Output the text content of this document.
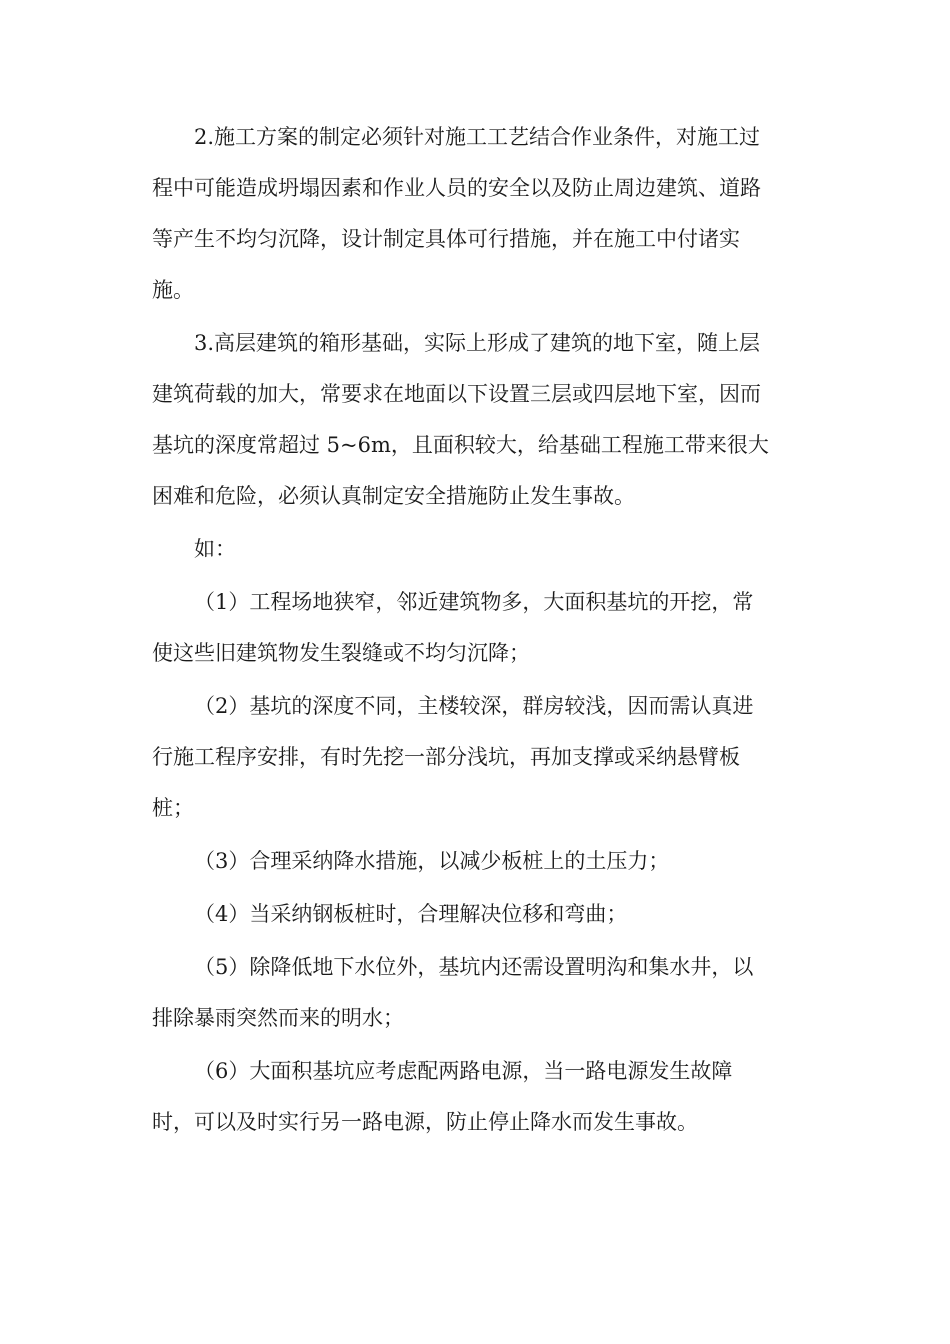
2.施工方案的制定必须针对施工工艺结合作业条件，对施工过
程中可能造成坍塌因素和作业人员的安全以及防止周边建筑、道路
等产生不均匀沉降，设计制定具体可行措施，并在施工中付诸实
施。
3.高层建筑的箱形基础，实际上形成了建筑的地下室，随上层
建筑荷载的加大，常要求在地面以下设置三层或四层地下室，因而
基坑的深度常超过 5~6m，且面积较大，给基础工程施工带来很大
困难和危险，必须认真制定安全措施防止发生事故。
如：
（1）工程场地狭窄，邻近建筑物多，大面积基坑的开挖，常
使这些旧建筑物发生裂缝或不均匀沉降；
（2）基坑的深度不同，主楼较深，群房较浅，因而需认真进
行施工程序安排，有时先挖一部分浅坑，再加支撑或采纳悬臂板
桩；
（3）合理采纳降水措施，以减少板桩上的土压力；
（4）当采纳钢板桩时，合理解决位移和弯曲；
（5）除降低地下水位外，基坑内还需设置明沟和集水井，以
排除暴雨突然而来的明水；
（6）大面积基坑应考虑配两路电源，当一路电源发生故障
时，可以及时实行另一路电源，防止停止降水而发生事故。
